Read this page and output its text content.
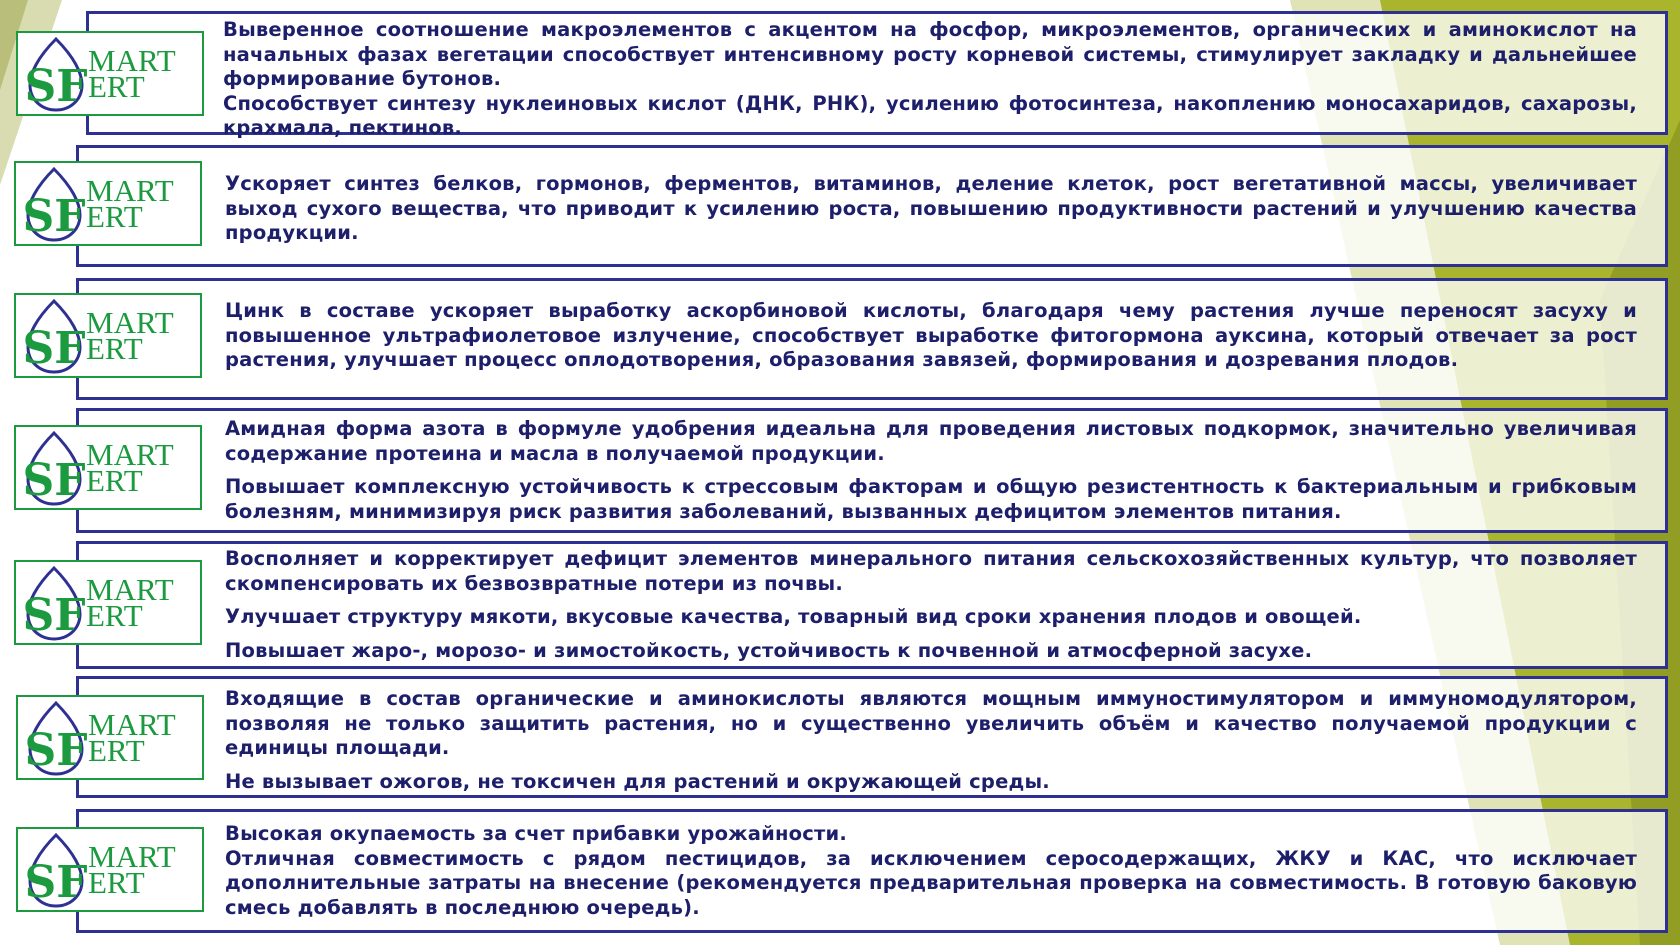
Выверенное соотношение макроэлементов с акцентом на фосфор, микроэлементов, органических и аминокислот на начальных фазах вегетации способствует интенсивному росту корневой системы, стимулирует закладку и дальнейшее формирование бутонов.

Способствует синтезу нуклеиновых кислот (ДНК, РНК), усилению фотосинтеза, накоплению моносахаридов, сахарозы, крахмала, пектинов.

SF
MART
ERT

Ускоряет синтез белков, гормонов, ферментов, витаминов, деление клеток, рост вегетативной массы, увеличивает выход сухого вещества, что приводит к усилению роста, повышению продуктивности растений и улучшению качества продукции.

SF
MART
ERT

Цинк в составе ускоряет выработку аскорбиновой кислоты, благодаря чему растения лучше переносят засуху и повышенное ультрафиолетовое излучение, способствует выработке фитогормона ауксина, который отвечает за рост растения, улучшает процесс оплодотворения, образования завязей, формирования и дозревания плодов.

SF
MART
ERT

Амидная форма азота в формуле удобрения идеальна для проведения листовых подкормок, значительно увеличивая содержание протеина и масла в получаемой продукции.

Повышает комплексную устойчивость к стрессовым факторам и общую резистентность к бактериальным и грибковым болезням, минимизируя риск развития заболеваний, вызванных дефицитом элементов питания.

SF
MART
ERT

Восполняет и корректирует дефицит элементов минерального питания сельскохозяйственных культур, что позволяет скомпенсировать их безвозвратные потери из почвы.

Улучшает структуру мякоти, вкусовые качества, товарный вид сроки хранения плодов и овощей.

Повышает жаро-, морозо- и зимостойкость, устойчивость к почвенной и атмосферной засухе.

SF
MART
ERT

Входящие в состав органические и аминокислоты являются мощным иммуностимулятором и иммуномодулятором, позволяя не только защитить растения, но и существенно увеличить объём и качество получаемой продукции с единицы площади.

Не вызывает ожогов, не токсичен для растений и окружающей среды.

SF
MART
ERT

Высокая окупаемость за счет прибавки урожайности.

Отличная совместимость с рядом пестицидов, за исключением серосодержащих, ЖКУ и КАС, что исключает дополнительные затраты на внесение (рекомендуется предварительная проверка на совместимость. В готовую баковую смесь добавлять в последнюю очередь).

SF
MART
ERT
